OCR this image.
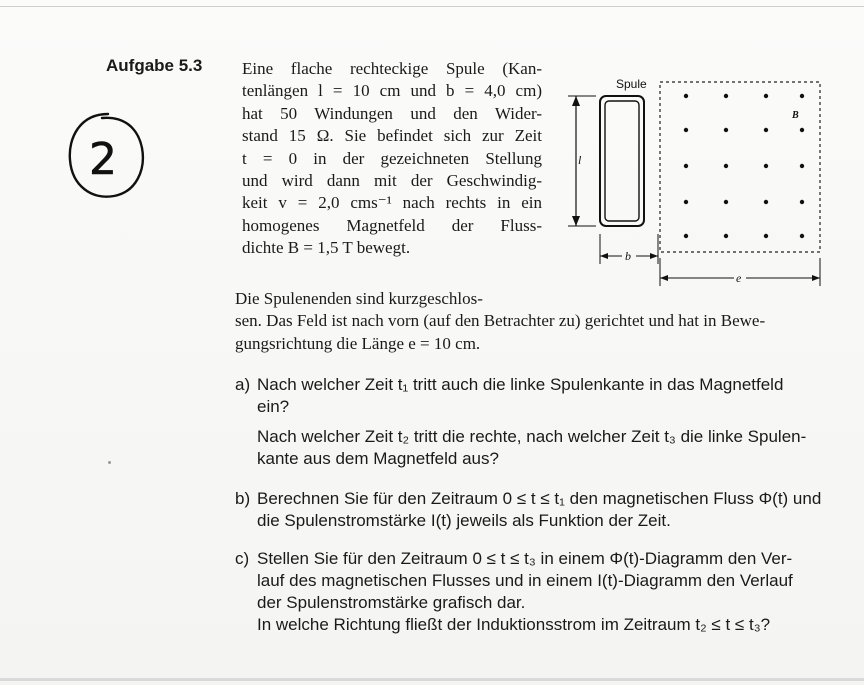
Aufgabe 5.3
2
Eine flache rechteckige Spule (Kan-
tenlängen l = 10 cm und b = 4,0 cm)
hat 50 Windungen und den Wider-
stand 15 Ω. Sie befindet sich zur Zeit
t = 0 in der gezeichneten Stellung
und wird dann mit der Geschwindig-
keit v = 2,0 cms⁻¹ nach rechts in ein
homogenes Magnetfeld der Fluss-
dichte B = 1,5 T bewegt.
Spule
l
b
B
e
Die Spulenenden sind kurzgeschlos-
sen. Das Feld ist nach vorn (auf den Betrachter zu) gerichtet und hat in Bewe-
gungsrichtung die Länge e = 10 cm.
a) Nach welcher Zeit t₁ tritt auch die linke Spulenkante in das Magnetfeld
ein?
Nach welcher Zeit t₂ tritt die rechte, nach welcher Zeit t₃ die linke Spulen-
kante aus dem Magnetfeld aus?
b) Berechnen Sie für den Zeitraum 0 ≤ t ≤ t₁ den magnetischen Fluss Φ(t) und
die Spulenstromstärke I(t) jeweils als Funktion der Zeit.
c) Stellen Sie für den Zeitraum 0 ≤ t ≤ t₃ in einem Φ(t)-Diagramm den Ver-
lauf des magnetischen Flusses und in einem I(t)-Diagramm den Verlauf
der Spulenstromstärke grafisch dar.
In welche Richtung fließt der Induktionsstrom im Zeitraum t₂ ≤ t ≤ t₃?
